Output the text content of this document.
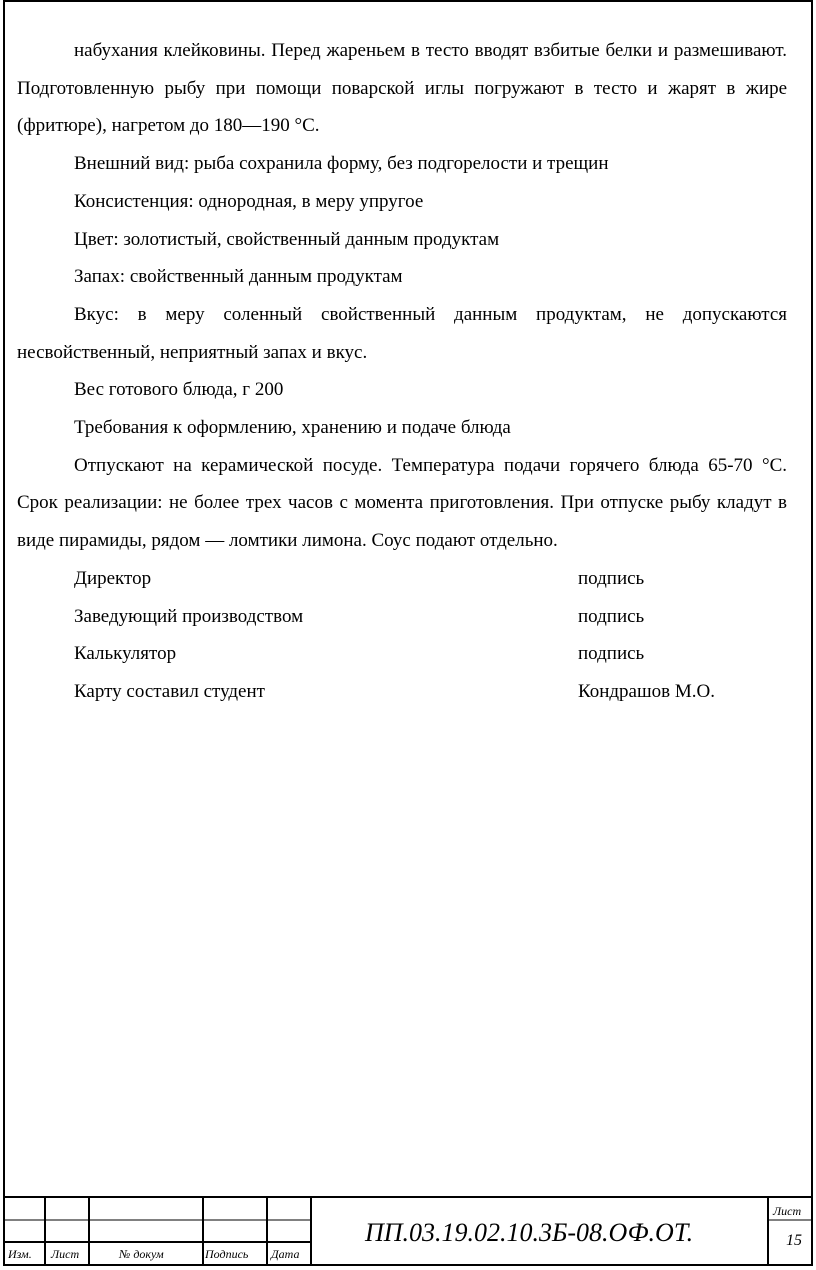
набухания клейковины. Перед жареньем в тесто вводят взбитые белки и размешивают. Подготовленную рыбу при помощи поварской иглы погружают в тесто и жарят в жире (фритюре), нагретом до 180—190 °С.

Внешний вид: рыба сохранила форму, без подгорелости и трещин

Консистенция: однородная, в меру упругое

Цвет: золотистый, свойственный данным продуктам

Запах: свойственный данным продуктам

Вкус: в меру соленный свойственный данным продуктам, не допускаются несвойственный, неприятный запах и вкус.

Вес готового блюда, г 200

Требования к оформлению, хранению и подаче блюда

Отпускают на керамической посуде. Температура подачи горячего блюда 65-70 °С. Срок реализации: не более трех часов с момента приготовления. При отпуске рыбу кладут в виде пирамиды, рядом — ломтики лимона. Соус подают отдельно.

Директор	подпись
Заведующий производством	подпись
Калькулятор	подпись
Карту составил студент	Кондрашов М.О.
Изм. Лист	№ докум	Подпись Дата
ПП.03.19.02.10.3Б-08.ОФ.ОТ.
Лист
15
